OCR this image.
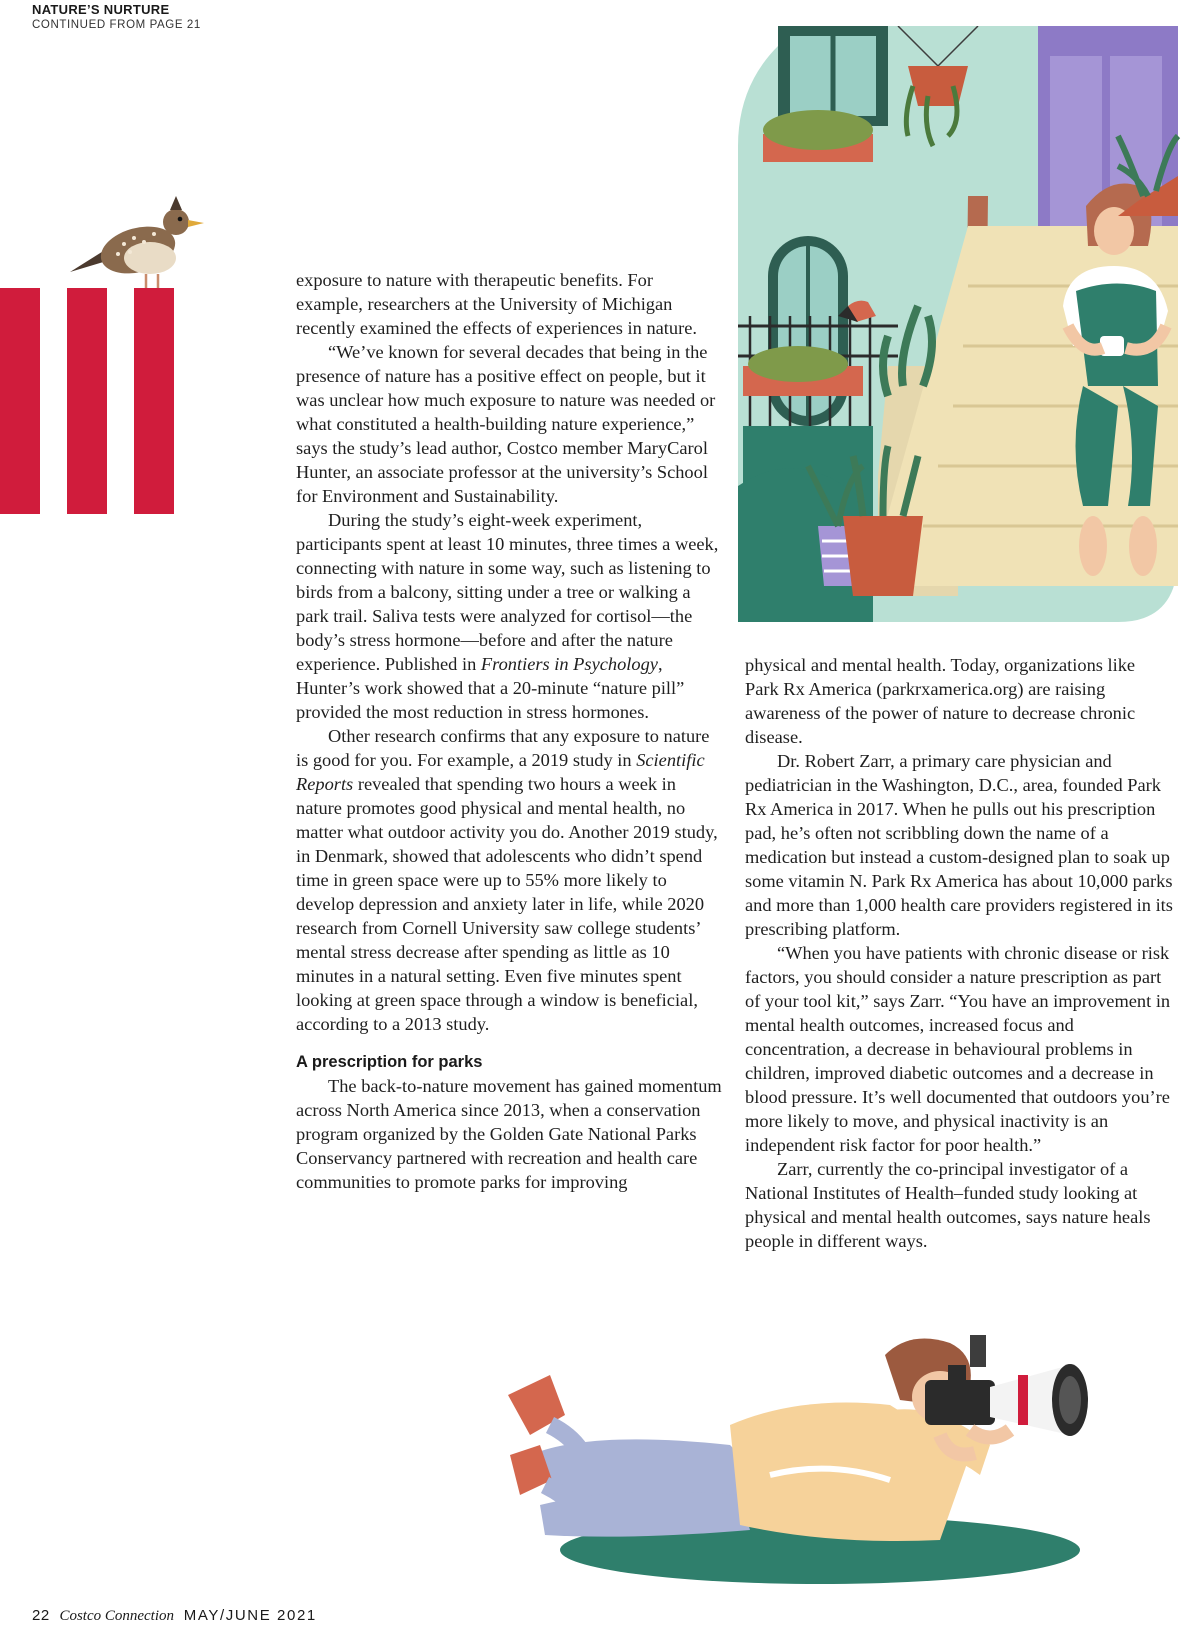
NATURE’S NURTURE
CONTINUED FROM PAGE 21

exposure to nature with therapeutic benefits. For example, researchers at the University of Michigan recently examined the effects of experiences in nature.

“We’ve known for several decades that being in the presence of nature has a positive effect on people, but it was unclear how much exposure to nature was needed or what constituted a health-building nature experience,” says the study’s lead author, Costco member MaryCarol Hunter, an associate professor at the university’s School for Environment and Sustainability.

During the study’s eight-week experiment, participants spent at least 10 minutes, three times a week, connecting with nature in some way, such as listening to birds from a balcony, sitting under a tree or walking a park trail. Saliva tests were analyzed for cortisol—the body’s stress hormone—before and after the nature experience. Published in Frontiers in Psychology, Hunter’s work showed that a 20-minute “nature pill” provided the most reduction in stress hormones.

Other research confirms that any exposure to nature is good for you. For example, a 2019 study in Scientific Reports revealed that spending two hours a week in nature promotes good physical and mental health, no matter what outdoor activity you do. Another 2019 study, in Denmark, showed that adolescents who didn’t spend time in green space were up to 55% more likely to develop depression and anxiety later in life, while 2020 research from Cornell University saw college students’ mental stress decrease after spending as little as 10 minutes in a natural setting. Even five minutes spent looking at green space through a window is beneficial, according to a 2013 study.

A prescription for parks

The back-to-nature movement has gained momentum across North America since 2013, when a conservation program organized by the Golden Gate National Parks Conservancy partnered with recreation and health care communities to promote parks for improving

physical and mental health. Today, organizations like Park Rx America (parkrxamerica.org) are raising awareness of the power of nature to decrease chronic disease.

Dr. Robert Zarr, a primary care physician and pediatrician in the Washington, D.C., area, founded Park Rx America in 2017. When he pulls out his prescription pad, he’s often not scribbling down the name of a medication but instead a custom-designed plan to soak up some vitamin N. Park Rx America has about 10,000 parks and more than 1,000 health care providers registered in its prescribing platform.

“When you have patients with chronic disease or risk factors, you should consider a nature prescription as part of your tool kit,” says Zarr. “You have an improvement in mental health outcomes, increased focus and concentration, a decrease in behavioural problems in children, improved diabetic outcomes and a decrease in blood pressure. It’s well documented that outdoors you’re more likely to move, and physical inactivity is an independent risk factor for poor health.”

Zarr, currently the co-principal investigator of a National Institutes of Health–funded study looking at physical and mental health outcomes, says nature heals people in different ways.

22 Costco Connection MAY/JUNE 2021
